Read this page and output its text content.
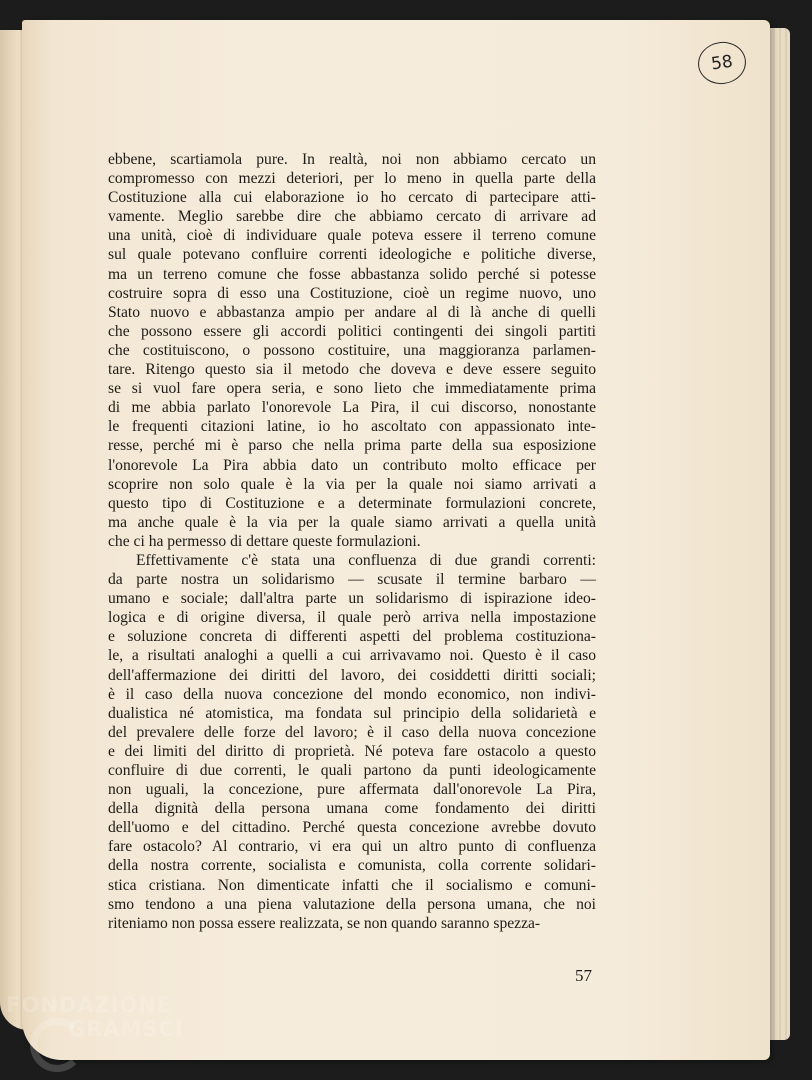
58
ebbene, scartiamola pure. In realtà, noi non abbiamo cercato un
compromesso con mezzi deteriori, per lo meno in quella parte della
Costituzione alla cui elaborazione io ho cercato di partecipare atti-
vamente. Meglio sarebbe dire che abbiamo cercato di arrivare ad
una unità, cioè di individuare quale poteva essere il terreno comune
sul quale potevano confluire correnti ideologiche e politiche diverse,
ma un terreno comune che fosse abbastanza solido perché si potesse
costruire sopra di esso una Costituzione, cioè un regime nuovo, uno
Stato nuovo e abbastanza ampio per andare al di là anche di quelli
che possono essere gli accordi politici contingenti dei singoli partiti
che costituiscono, o possono costituire, una maggioranza parlamen-
tare. Ritengo questo sia il metodo che doveva e deve essere seguito
se si vuol fare opera seria, e sono lieto che immediatamente prima
di me abbia parlato l'onorevole La Pira, il cui discorso, nonostante
le frequenti citazioni latine, io ho ascoltato con appassionato inte-
resse, perché mi è parso che nella prima parte della sua esposizione
l'onorevole La Pira abbia dato un contributo molto efficace per
scoprire non solo quale è la via per la quale noi siamo arrivati a
questo tipo di Costituzione e a determinate formulazioni concrete,
ma anche quale è la via per la quale siamo arrivati a quella unità
che ci ha permesso di dettare queste formulazioni.
Effettivamente c'è stata una confluenza di due grandi correnti:
da parte nostra un solidarismo — scusate il termine barbaro —
umano e sociale; dall'altra parte un solidarismo di ispirazione ideo-
logica e di origine diversa, il quale però arriva nella impostazione
e soluzione concreta di differenti aspetti del problema costituziona-
le, a risultati analoghi a quelli a cui arrivavamo noi. Questo è il caso
dell'affermazione dei diritti del lavoro, dei cosiddetti diritti sociali;
è il caso della nuova concezione del mondo economico, non indivi-
dualistica né atomistica, ma fondata sul principio della solidarietà e
del prevalere delle forze del lavoro; è il caso della nuova concezione
e dei limiti del diritto di proprietà. Né poteva fare ostacolo a questo
confluire di due correnti, le quali partono da punti ideologicamente
non uguali, la concezione, pure affermata dall'onorevole La Pira,
della dignità della persona umana come fondamento dei diritti
dell'uomo e del cittadino. Perché questa concezione avrebbe dovuto
fare ostacolo? Al contrario, vi era qui un altro punto di confluenza
della nostra corrente, socialista e comunista, colla corrente solidari-
stica cristiana. Non dimenticate infatti che il socialismo e comuni-
smo tendono a una piena valutazione della persona umana, che noi
riteniamo non possa essere realizzata, se non quando saranno spezza-
57
FONDAZIONE
GRAMSCI
